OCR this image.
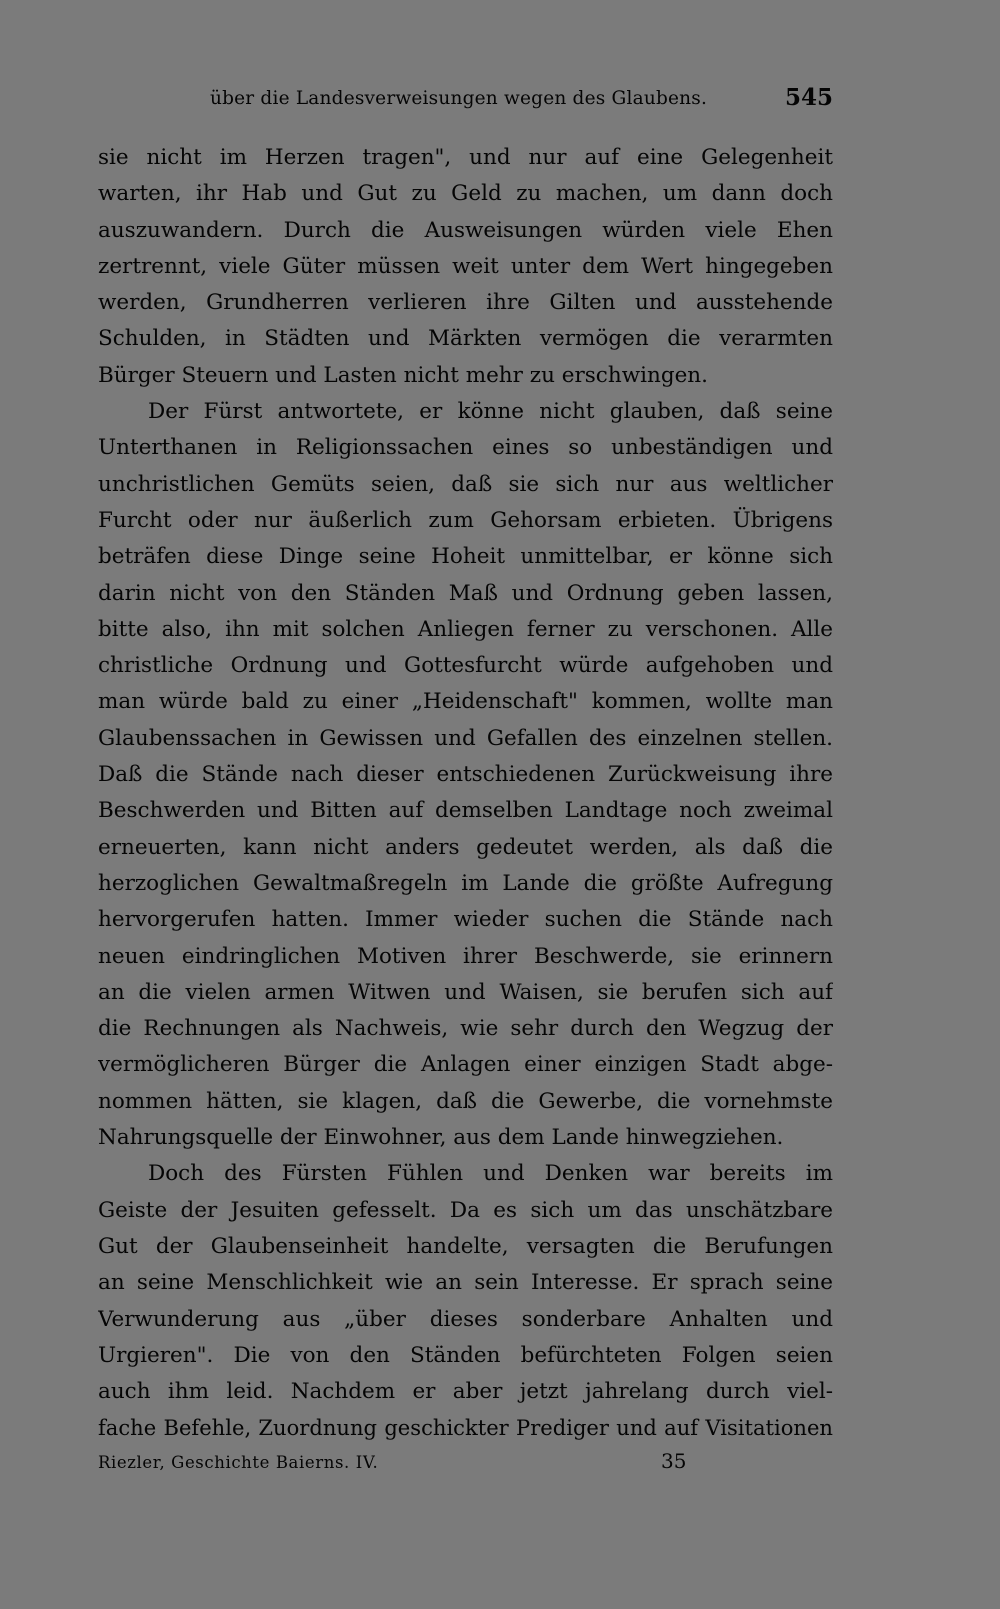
über die Landesverweisungen wegen des Glaubens.	545
sie nicht im Herzen tragen", und nur auf eine Gelegenheit
warten, ihr Hab und Gut zu Geld zu machen, um dann doch
auszuwandern. Durch die Ausweisungen würden viele Ehen
zertrennt, viele Güter müssen weit unter dem Wert hingegeben
werden, Grundherren verlieren ihre Gilten und ausstehende
Schulden, in Städten und Märkten vermögen die verarmten
Bürger Steuern und Lasten nicht mehr zu erschwingen.
Der Fürst antwortete, er könne nicht glauben, daß seine
Unterthanen in Religionssachen eines so unbeständigen und
unchristlichen Gemüts seien, daß sie sich nur aus weltlicher
Furcht oder nur äußerlich zum Gehorsam erbieten. Übrigens
beträfen diese Dinge seine Hoheit unmittelbar, er könne sich
darin nicht von den Ständen Maß und Ordnung geben lassen,
bitte also, ihn mit solchen Anliegen ferner zu verschonen. Alle
christliche Ordnung und Gottesfurcht würde aufgehoben und
man würde bald zu einer „Heidenschaft" kommen, wollte man
Glaubenssachen in Gewissen und Gefallen des einzelnen stellen.
Daß die Stände nach dieser entschiedenen Zurückweisung ihre
Beschwerden und Bitten auf demselben Landtage noch zweimal
erneuerten, kann nicht anders gedeutet werden, als daß die
herzoglichen Gewaltmaßregeln im Lande die größte Aufregung
hervorgerufen hatten. Immer wieder suchen die Stände nach
neuen eindringlichen Motiven ihrer Beschwerde, sie erinnern
an die vielen armen Witwen und Waisen, sie berufen sich auf
die Rechnungen als Nachweis, wie sehr durch den Wegzug der
vermöglicheren Bürger die Anlagen einer einzigen Stadt abge-
nommen hätten, sie klagen, daß die Gewerbe, die vornehmste
Nahrungsquelle der Einwohner, aus dem Lande hinwegziehen.
Doch des Fürsten Fühlen und Denken war bereits im
Geiste der Jesuiten gefesselt. Da es sich um das unschätzbare
Gut der Glaubenseinheit handelte, versagten die Berufungen
an seine Menschlichkeit wie an sein Interesse. Er sprach seine
Verwunderung aus „über dieses sonderbare Anhalten und
Urgieren". Die von den Ständen befürchteten Folgen seien
auch ihm leid. Nachdem er aber jetzt jahrelang durch viel-
fache Befehle, Zuordnung geschickter Prediger und auf Visitationen
Riezler, Geschichte Baierns. IV.	35
